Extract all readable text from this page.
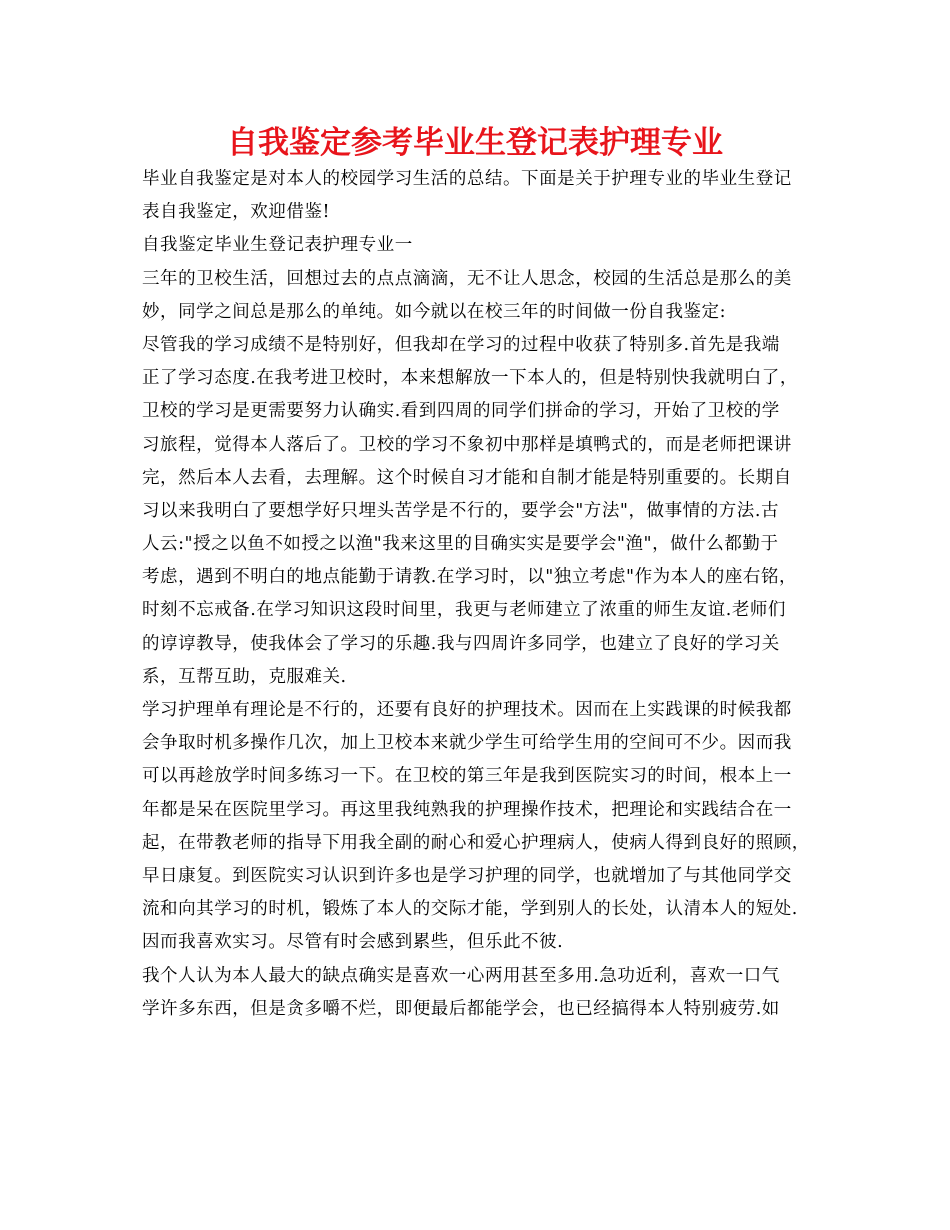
自我鉴定参考毕业生登记表护理专业
毕业自我鉴定是对本人的校园学习生活的总结。下面是关于护理专业的毕业生登记
表自我鉴定，欢迎借鉴!
自我鉴定毕业生登记表护理专业一
三年的卫校生活，回想过去的点点滴滴，无不让人思念，校园的生活总是那么的美
妙，同学之间总是那么的单纯。如今就以在校三年的时间做一份自我鉴定:
尽管我的学习成绩不是特别好，但我却在学习的过程中收获了特别多.首先是我端
正了学习态度.在我考进卫校时，本来想解放一下本人的，但是特别快我就明白了，
卫校的学习是更需要努力认确实.看到四周的同学们拼命的学习，开始了卫校的学
习旅程，觉得本人落后了。卫校的学习不象初中那样是填鸭式的，而是老师把课讲
完，然后本人去看，去理解。这个时候自习才能和自制才能是特别重要的。长期自
习以来我明白了要想学好只埋头苦学是不行的，要学会"方法"，做事情的方法.古
人云:"授之以鱼不如授之以渔"我来这里的目确实实是要学会"渔"，做什么都勤于
考虑，遇到不明白的地点能勤于请教.在学习时，以"独立考虑"作为本人的座右铭，
时刻不忘戒备.在学习知识这段时间里，我更与老师建立了浓重的师生友谊.老师们
的谆谆教导，使我体会了学习的乐趣.我与四周许多同学，也建立了良好的学习关
系，互帮互助，克服难关.
学习护理单有理论是不行的，还要有良好的护理技术。因而在上实践课的时候我都
会争取时机多操作几次，加上卫校本来就少学生可给学生用的空间可不少。因而我
可以再趁放学时间多练习一下。在卫校的第三年是我到医院实习的时间，根本上一
年都是呆在医院里学习。再这里我纯熟我的护理操作技术，把理论和实践结合在一
起，在带教老师的指导下用我全副的耐心和爱心护理病人，使病人得到良好的照顾，
早日康复。到医院实习认识到许多也是学习护理的同学，也就增加了与其他同学交
流和向其学习的时机，锻炼了本人的交际才能，学到别人的长处，认清本人的短处.
因而我喜欢实习。尽管有时会感到累些，但乐此不彼.
我个人认为本人最大的缺点确实是喜欢一心两用甚至多用.急功近利，喜欢一口气
学许多东西，但是贪多嚼不烂，即便最后都能学会，也已经搞得本人特别疲劳.如
